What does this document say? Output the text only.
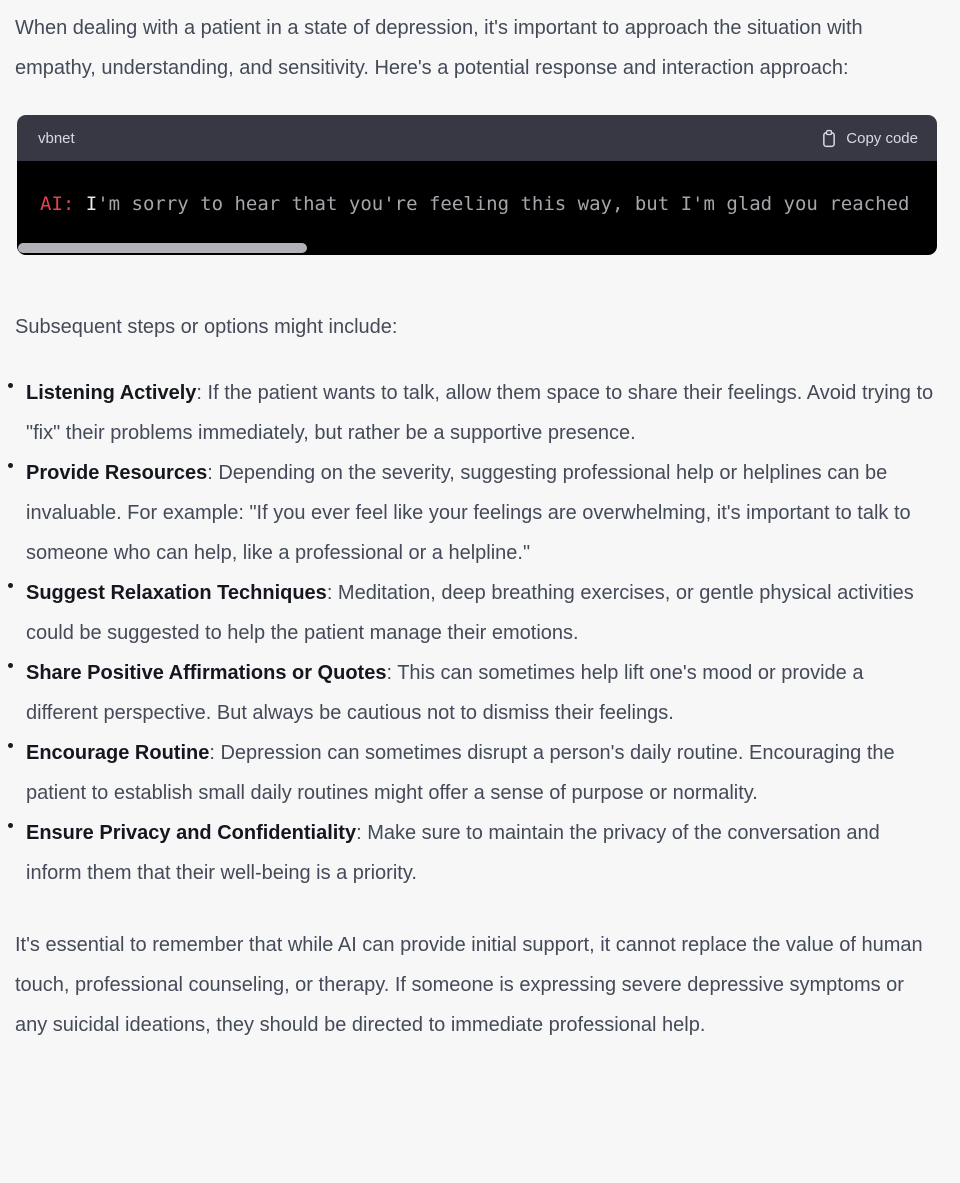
When dealing with a patient in a state of depression, it's important to approach the situation with empathy, understanding, and sensitivity. Here's a potential response and interaction approach:

vbnet	Copy code
AI: I'm sorry to hear that you're feeling this way, but I'm glad you reached

Subsequent steps or options might include:

Listening Actively: If the patient wants to talk, allow them space to share their feelings. Avoid trying to "fix" their problems immediately, but rather be a supportive presence.
Provide Resources: Depending on the severity, suggesting professional help or helplines can be invaluable. For example: "If you ever feel like your feelings are overwhelming, it's important to talk to someone who can help, like a professional or a helpline."
Suggest Relaxation Techniques: Meditation, deep breathing exercises, or gentle physical activities could be suggested to help the patient manage their emotions.
Share Positive Affirmations or Quotes: This can sometimes help lift one's mood or provide a different perspective. But always be cautious not to dismiss their feelings.
Encourage Routine: Depression can sometimes disrupt a person's daily routine. Encouraging the patient to establish small daily routines might offer a sense of purpose or normality.
Ensure Privacy and Confidentiality: Make sure to maintain the privacy of the conversation and inform them that their well-being is a priority.

It's essential to remember that while AI can provide initial support, it cannot replace the value of human touch, professional counseling, or therapy. If someone is expressing severe depressive symptoms or any suicidal ideations, they should be directed to immediate professional help.
